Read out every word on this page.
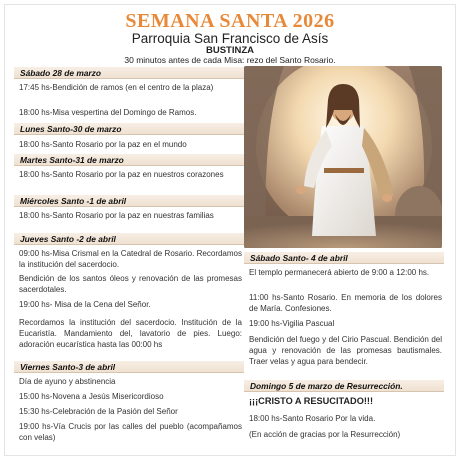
SEMANA SANTA 2026
Parroquia San Francisco de Asís
BUSTINZA
30 minutos antes de cada Misa: rezo del Santo Rosario.
Sábado 28 de marzo
17:45 hs-Bendición de ramos (en el centro de la plaza)
18:00 hs-Misa vespertina del Domingo de Ramos.
Lunes Santo-30 de marzo
18:00 hs-Santo Rosario por la paz en el mundo
Martes Santo-31 de marzo
18:00 hs-Santo Rosario por la paz en nuestros corazones
Miércoles Santo -1 de abril
18:00 hs-Santo Rosario por la paz en nuestras familias
Jueves Santo -2 de abril
09:00 hs-Misa Crismal en la Catedral de Rosario. Recordamos la institución del sacerdocio.
Bendición de los santos óleos y renovación de las promesas sacerdotales.
19:00 hs- Misa de la Cena del Señor.
Recordamos la institución del sacerdocio. Institución de la Eucaristía. Mandamiento del, lavatorio de pies. Luego: adoración eucarística hasta las 00:00 hs
Viernes Santo-3 de abril
Día de ayuno y abstinencia
15:00 hs-Novena a Jesús Misericordioso
15:30 hs-Celebración de la Pasión del Señor
19:00 hs-Vía Crucis por las calles del pueblo (acompañamos con velas)
Sábado Santo- 4 de abril
El templo permanecerá abierto de 9:00 a 12:00 hs.
11:00 hs-Santo Rosario. En memoria de los dolores de María. Confesiones.
19:00 hs-Vigilia Pascual
Bendición del fuego y del Cirio Pascual. Bendición del agua y renovación de las promesas bautismales. Traer velas y agua para bendecir.
Domingo 5 de marzo de Resurrección.
¡¡¡CRISTO A RESUCITADO!!!
18:00 hs-Santo Rosario Por la vida.
(En acción de gracias por la Resurrección)
